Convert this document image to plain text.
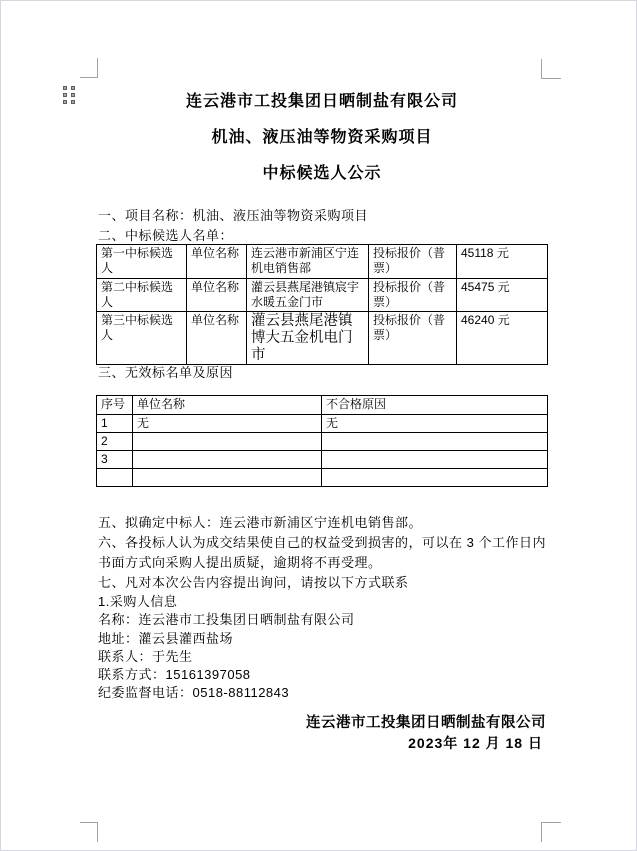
连云港市工投集团日晒制盐有限公司
机油、液压油等物资采购项目
中标候选人公示
一、项目名称：机油、液压油等物资采购项目
二、中标候选人名单：
第一中标候选人	单位名称	连云港市新浦区宁连机电销售部	投标报价（普票）	45118 元
第二中标候选人	单位名称	灌云县燕尾港镇宸宇水暖五金门市	投标报价（普票）	45475 元
第三中标候选人	单位名称	灌云县燕尾港镇博大五金机电门市	投标报价（普票）	46240 元
三、无效标名单及原因
序号	单位名称	不合格原因
1	无	无
2		
3		

五、拟确定中标人：连云港市新浦区宁连机电销售部。
六、各投标人认为成交结果使自己的权益受到损害的，可以在 3 个工作日内书面方式向采购人提出质疑，逾期将不再受理。
七、凡对本次公告内容提出询问，请按以下方式联系
1.采购人信息
名称：连云港市工投集团日晒制盐有限公司
地址：灌云县灌西盐场
联系人：于先生
联系方式：15161397058
纪委监督电话：0518-88112843
连云港市工投集团日晒制盐有限公司
2023年 12 月 18 日
